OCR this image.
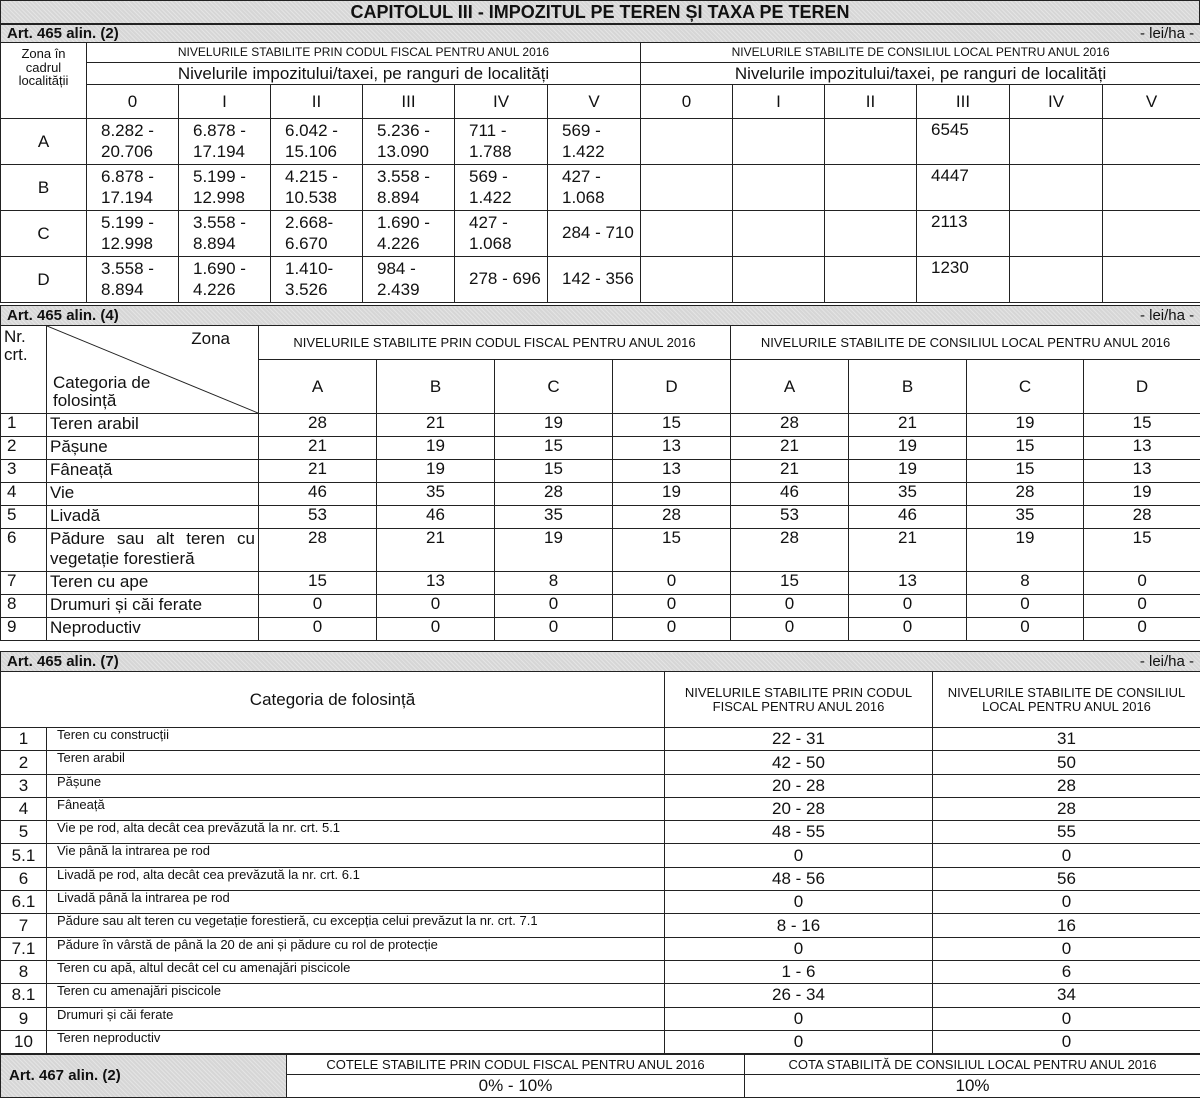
CAPITOLUL III - IMPOZITUL PE TEREN ȘI TAXA PE TEREN
Art. 465 alin. (2) - lei/ha -												

Zona în cadrul localității	NIVELURILE STABILITE PRIN CODUL FISCAL PENTRU ANUL 2016						NIVELURILE STABILITE DE CONSILIUL LOCAL PENTRU ANUL 2016					
	Nivelurile impozitului/taxei, pe ranguri de localități						Nivelurile impozitului/taxei, pe ranguri de localități					
	0	I	II	III	IV	V	0	I	II	III	IV	V
A	8.282 - 20.706	6.878 - 17.194	6.042 - 15.106	5.236 - 13.090	711 - 1.788	569 - 1.422				6545		
B	6.878 - 17.194	5.199 - 12.998	4.215 - 10.538	3.558 - 8.894	569 - 1.422	427 - 1.068				4447		
C	5.199 - 12.998	3.558 - 8.894	2.668- 6.670	1.690 - 4.226	427 - 1.068	284 - 710				2113		
D	3.558 - 8.894	1.690 - 4.226	1.410- 3.526	984 - 2.439	278 - 696	142 - 356				1230		
Art. 465 alin. (4) - lei/ha -									

Nr. crt.	Zona
Categoria de folosință	NIVELURILE STABILITE PRIN CODUL FISCAL PENTRU ANUL 2016				NIVELURILE STABILITE DE CONSILIUL LOCAL PENTRU ANUL 2016			
		A	B	C	D	A	B	C	D
1	Teren arabil	28	21	19	15	28	21	19	15
2	Pășune	21	19	15	13	21	19	15	13
3	Fâneață	21	19	15	13	21	19	15	13
4	Vie	46	35	28	19	46	35	28	19
5	Livadă	53	46	35	28	53	46	35	28
6	Pădure sau alt teren cu vegetație forestieră	28	21	19	15	28	21	19	15
7	Teren cu ape	15	13	8	0	15	13	8	0
8	Drumuri și căi ferate	0	0	0	0	0	0	0	0
9	Neproductiv	0	0	0	0	0	0	0	0
Art. 465 alin. (7) - lei/ha -			

Categoria de folosință		NIVELURILE STABILITE PRIN CODUL FISCAL PENTRU ANUL 2016	NIVELURILE STABILITE DE CONSILIUL LOCAL PENTRU ANUL 2016
1	Teren cu construcții	22 - 31	31
2	Teren arabil	42 - 50	50
3	Pășune	20 - 28	28
4	Fâneață	20 - 28	28
5	Vie pe rod, alta decât cea prevăzută la nr. crt. 5.1	48 - 55	55
5.1	Vie până la intrarea pe rod	0	0
6	Livadă pe rod, alta decât cea prevăzută la nr. crt. 6.1	48 - 56	56
6.1	Livadă până la intrarea pe rod	0	0
7	Pădure sau alt teren cu vegetație forestieră, cu excepția celui prevăzut la nr. crt. 7.1	8 - 16	16
7.1	Pădure în vârstă de până la 20 de ani și pădure cu rol de protecție	0	0
8	Teren cu apă, altul decât cel cu amenajări piscicole	1 - 6	6
8.1	Teren cu amenajări piscicole	26 - 34	34
9	Drumuri și căi ferate	0	0
10	Teren neproductiv	0	0
Art. 467 alin. (2)	COTELE STABILITE PRIN CODUL FISCAL PENTRU ANUL 2016	COTA STABILITĂ DE CONSILIUL LOCAL PENTRU ANUL 2016
	0% - 10%	10%
